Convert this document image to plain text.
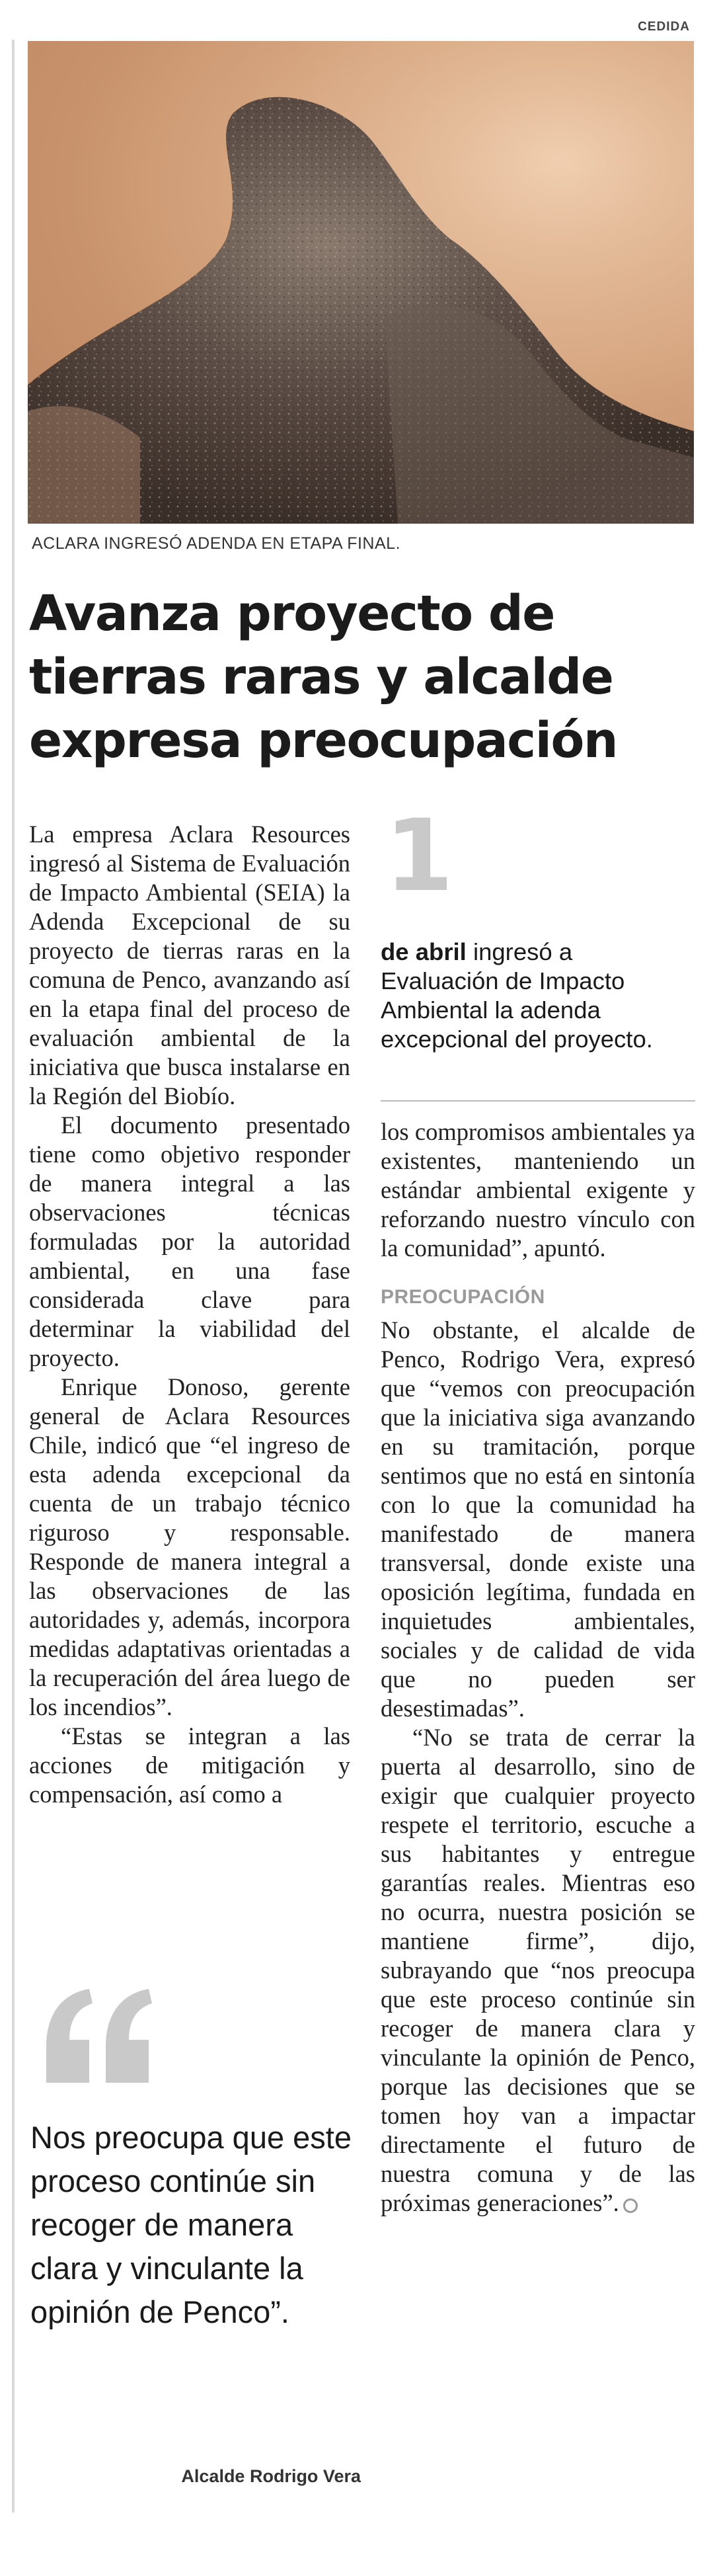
CEDIDA
ACLARA INGRESÓ ADENDA EN ETAPA FINAL.
Avanza proyecto de
tierras raras y alcalde
expresa preocupación

La empresa Aclara Resources ingresó al Sistema de Evaluación de Impacto Ambiental (SEIA) la Adenda Excepcional de su proyecto de tierras raras en la comuna de Penco, avanzando así en la etapa final del proceso de evaluación ambiental de la iniciativa que busca instalarse en la Región del Biobío.

El documento presentado tiene como objetivo responder de manera integral a las observaciones técnicas formuladas por la autoridad ambiental, en una fase considerada clave para determinar la viabilidad del proyecto.

Enrique Donoso, gerente general de Aclara Resources Chile, indicó que “el ingreso de esta adenda excepcional da cuenta de un trabajo técnico riguroso y responsable. Responde de manera integral a las observaciones de las autoridades y, además, incorpora medidas adaptativas orientadas a la recuperación del área luego de los incendios”.

“Estas se integran a las acciones de mitigación y compensación, así como a

1
de abril ingresó a Evaluación de Impacto Ambiental la adenda excepcional del proyecto.

los compromisos ambientales ya existentes, manteniendo un estándar ambiental exigente y reforzando nuestro vínculo con la comunidad”, apuntó.

PREOCUPACIÓN

No obstante, el alcalde de Penco, Rodrigo Vera, expresó que “vemos con preocupación que la iniciativa siga avanzando en su tramitación, porque sentimos que no está en sintonía con lo que la comunidad ha manifestado de manera transversal, donde existe una oposición legítima, fundada en inquietudes ambientales, sociales y de calidad de vida que no pueden ser desestimadas”.

“No se trata de cerrar la puerta al desarrollo, sino de exigir que cualquier proyecto respete el territorio, escuche a sus habitantes y entregue garantías reales. Mientras eso no ocurra, nuestra posición se mantiene firme”, dijo, subrayando que “nos preocupa que este proceso continúe sin recoger de manera clara y vinculante la opinión de Penco, porque las decisiones que se tomen hoy van a impactar directamente el futuro de nuestra comuna y de las próximas generaciones”.

Nos preocupa que este proceso continúe sin recoger de manera clara y vinculante la opinión de Penco”.
Alcalde Rodrigo Vera
